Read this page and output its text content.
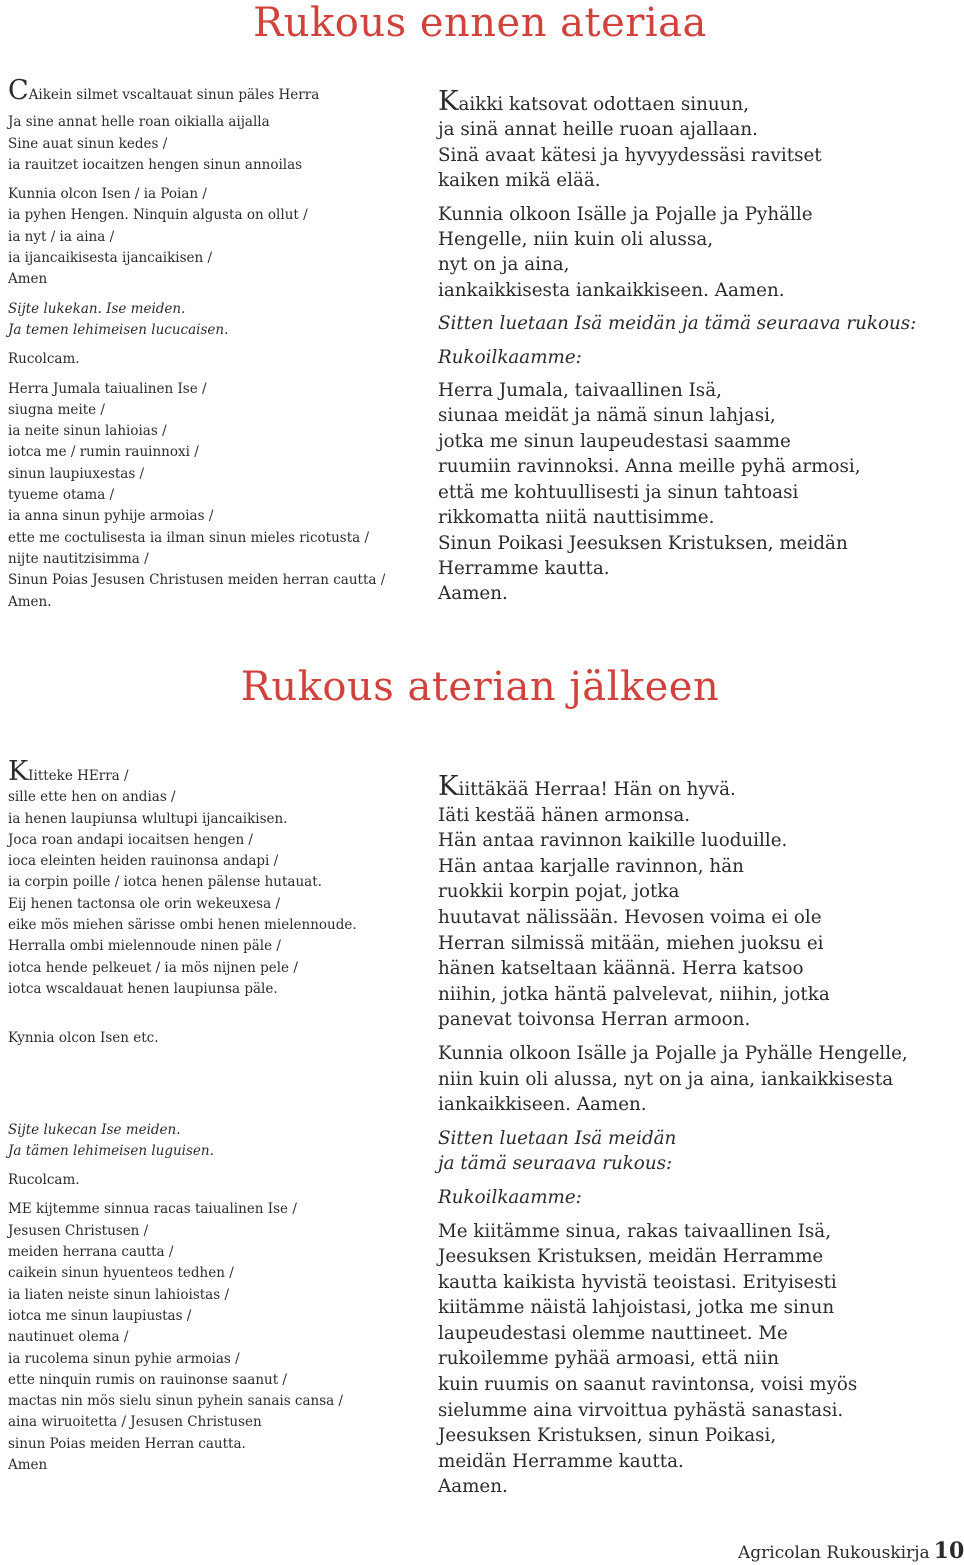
Rukous ennen ateriaa

CAikein silmet vscaltauat sinun päles Herra

Ja sine annat helle roan oikialla aijalla

Sine auat sinun kedes /

ia rauitzet iocaitzen hengen sinun annoilas

Kunnia olcon Isen / ia Poian /

ia pyhen Hengen. Ninquin algusta on ollut /

ia nyt / ia aina /

ia ijancaikisesta ijancaikisen /

Amen

Sijte lukekan. Ise meiden.

Ja temen lehimeisen lucucaisen.

Rucolcam.

Herra Jumala taiualinen Ise /

siugna meite /

ia neite sinun lahioias /

iotca me / rumin rauinnoxi /

sinun laupiuxestas /

tyueme otama /

ia anna sinun pyhije armoias /

ette me coctulisesta ia ilman sinun mieles ricotusta /

nijte nautitzisimma /

Sinun Poias Jesusen Christusen meiden herran cautta /

Amen.

Kaikki katsovat odottaen sinuun,

ja sinä annat heille ruoan ajallaan.

Sinä avaat kätesi ja hyvyydessäsi ravitset

kaiken mikä elää.

Kunnia olkoon Isälle ja Pojalle ja Pyhälle

Hengelle, niin kuin oli alussa,

nyt on ja aina,

iankaikkisesta iankaikkiseen. Aamen.

Sitten luetaan Isä meidän ja tämä seuraava rukous:

Rukoilkaamme:

Herra Jumala, taivaallinen Isä,

siunaa meidät ja nämä sinun lahjasi,

jotka me sinun laupeudestasi saamme

ruumiin ravinnoksi. Anna meille pyhä armosi,

että me kohtuullisesti ja sinun tahtoasi

rikkomatta niitä nauttisimme.

Sinun Poikasi Jeesuksen Kristuksen, meidän

Herramme kautta.

Aamen.

Rukous aterian jälkeen

KIitteke HErra /

sille ette hen on andias /

ia henen laupiunsa wlultupi ijancaikisen.

Joca roan andapi iocaitsen hengen /

ioca eleinten heiden rauinonsa andapi /

ia corpin poille / iotca henen pälense hutauat.

Eij henen tactonsa ole orin wekeuxesa /

eike mös miehen särisse ombi henen mielennoude.

Herralla ombi mielennoude ninen päle /

iotca hende pelkeuet / ia mös nijnen pele /

iotca wscaldauat henen laupiunsa päle.

Kynnia olcon Isen etc.

Sijte lukecan Ise meiden.

Ja tämen lehimeisen luguisen.

Rucolcam.

ME kijtemme sinnua racas taiualinen Ise /

Jesusen Christusen /

meiden herrana cautta /

caikein sinun hyuenteos tedhen /

ia liaten neiste sinun lahioistas /

iotca me sinun laupiustas /

nautinuet olema /

ia rucolema sinun pyhie armoias /

ette ninquin rumis on rauinonse saanut /

mactas nin mös sielu sinun pyhein sanais cansa /

aina wiruoitetta / Jesusen Christusen

sinun Poias meiden Herran cautta.

Amen

Kiittäkää Herraa! Hän on hyvä.

Iäti kestää hänen armonsa.

Hän antaa ravinnon kaikille luoduille.

Hän antaa karjalle ravinnon, hän

ruokkii korpin pojat, jotka

huutavat nälissään. Hevosen voima ei ole

Herran silmissä mitään, miehen juoksu ei

hänen katseltaan käännä. Herra katsoo

niihin, jotka häntä palvelevat, niihin, jotka

panevat toivonsa Herran armoon.

Kunnia olkoon Isälle ja Pojalle ja Pyhälle Hengelle,

niin kuin oli alussa, nyt on ja aina, iankaikkisesta

iankaikkiseen. Aamen.

Sitten luetaan Isä meidän

ja tämä seuraava rukous:

Rukoilkaamme:

Me kiitämme sinua, rakas taivaallinen Isä,

Jeesuksen Kristuksen, meidän Herramme

kautta kaikista hyvistä teoistasi. Erityisesti

kiitämme näistä lahjoistasi, jotka me sinun

laupeudestasi olemme nauttineet. Me

rukoilemme pyhää armoasi, että niin

kuin ruumis on saanut ravintonsa, voisi myös

sielumme aina virvoittua pyhästä sanastasi.

Jeesuksen Kristuksen, sinun Poikasi,

meidän Herramme kautta.

Aamen.

Agricolan Rukouskirja 10
